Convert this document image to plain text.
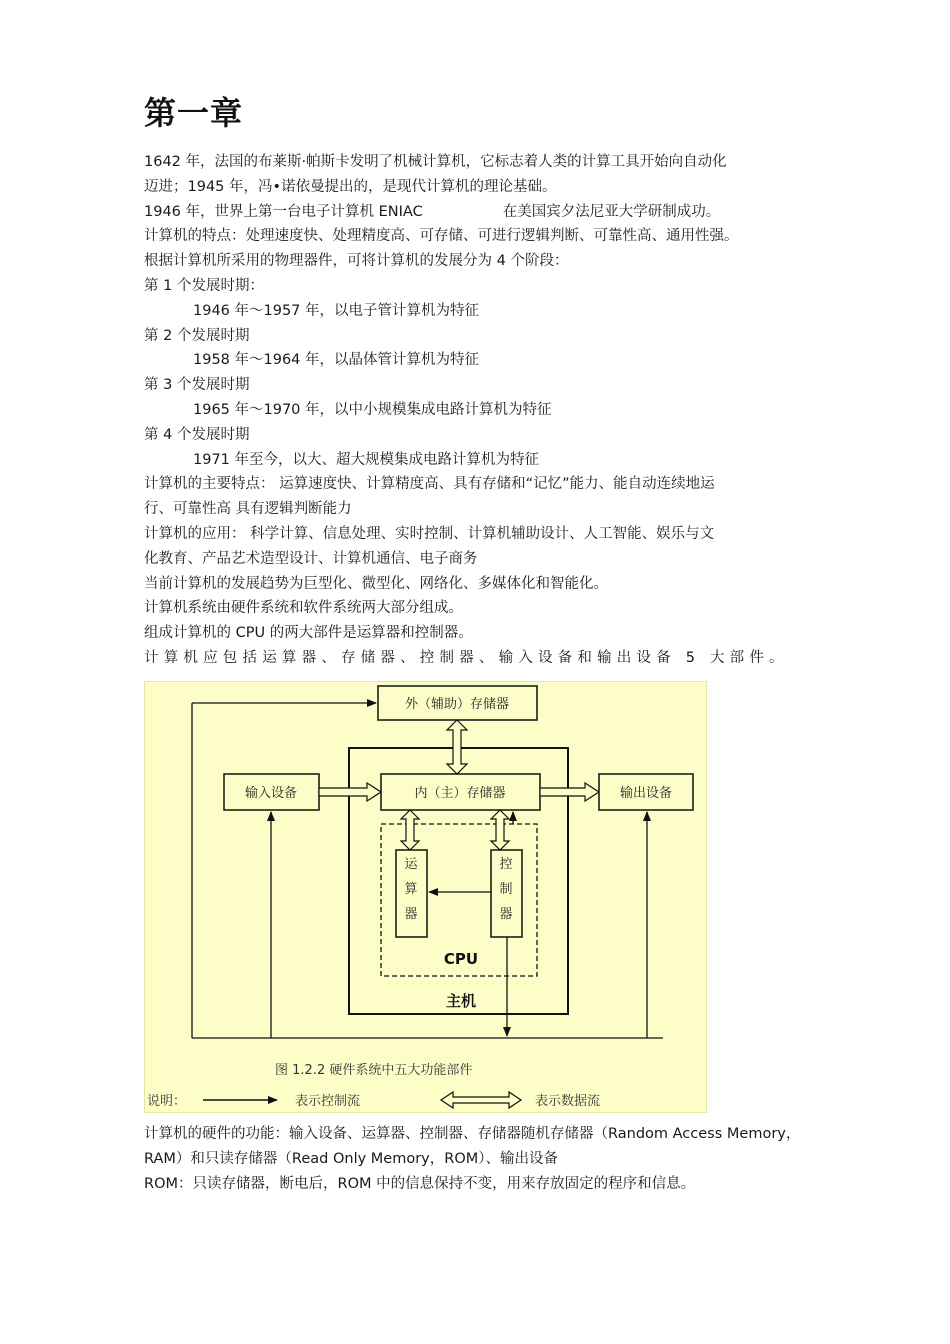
第一章
1642 年，法国的布莱斯·帕斯卡发明了机械计算机，它标志着人类的计算工具开始向自动化
迈进；1945 年，冯•诺依曼提出的，是现代计算机的理论基础。
1946 年，世界上第一台电子计算机 ENIAC	在美国宾夕法尼亚大学研制成功。
计算机的特点：处理速度快、处理精度高、可存储、可进行逻辑判断、可靠性高、通用性强。
根据计算机所采用的物理器件，可将计算机的发展分为 4 个阶段：
第 1 个发展时期：
1946 年～1957 年，以电子管计算机为特征
第 2 个发展时期
1958 年～1964 年，以晶体管计算机为特征
第 3 个发展时期
1965 年～1970 年，以中小规模集成电路计算机为特征
第 4 个发展时期
1971 年至今，以大、超大规模集成电路计算机为特征
计算机的主要特点： 运算速度快、计算精度高、具有存储和“记忆”能力、能自动连续地运
行、可靠性高 具有逻辑判断能力
计算机的应用： 科学计算、信息处理、实时控制、计算机辅助设计、人工智能、娱乐与文
化教育、产品艺术造型设计、计算机通信、电子商务
当前计算机的发展趋势为巨型化、微型化、网络化、多媒体化和智能化。
计算机系统由硬件系统和软件系统两大部分组成。
组成计算机的 CPU 的两大部件是运算器和控制器。
计算机应包括运算器、存储器、控制器、输入设备和输出设备 5 大部件。
外（辅助）存储器
输入设备	内（主）存储器	输出设备
运
算
器
控
制
器
CPU
主机
图 1.2.2 硬件系统中五大功能部件
说明：	表示控制流	表示数据流
计算机的硬件的功能：输入设备、运算器、控制器、存储器随机存储器（Random Access Memory，
RAM）和只读存储器（Read Only Memory，ROM）、输出设备
ROM：只读存储器，断电后，ROM 中的信息保持不变，用来存放固定的程序和信息。
